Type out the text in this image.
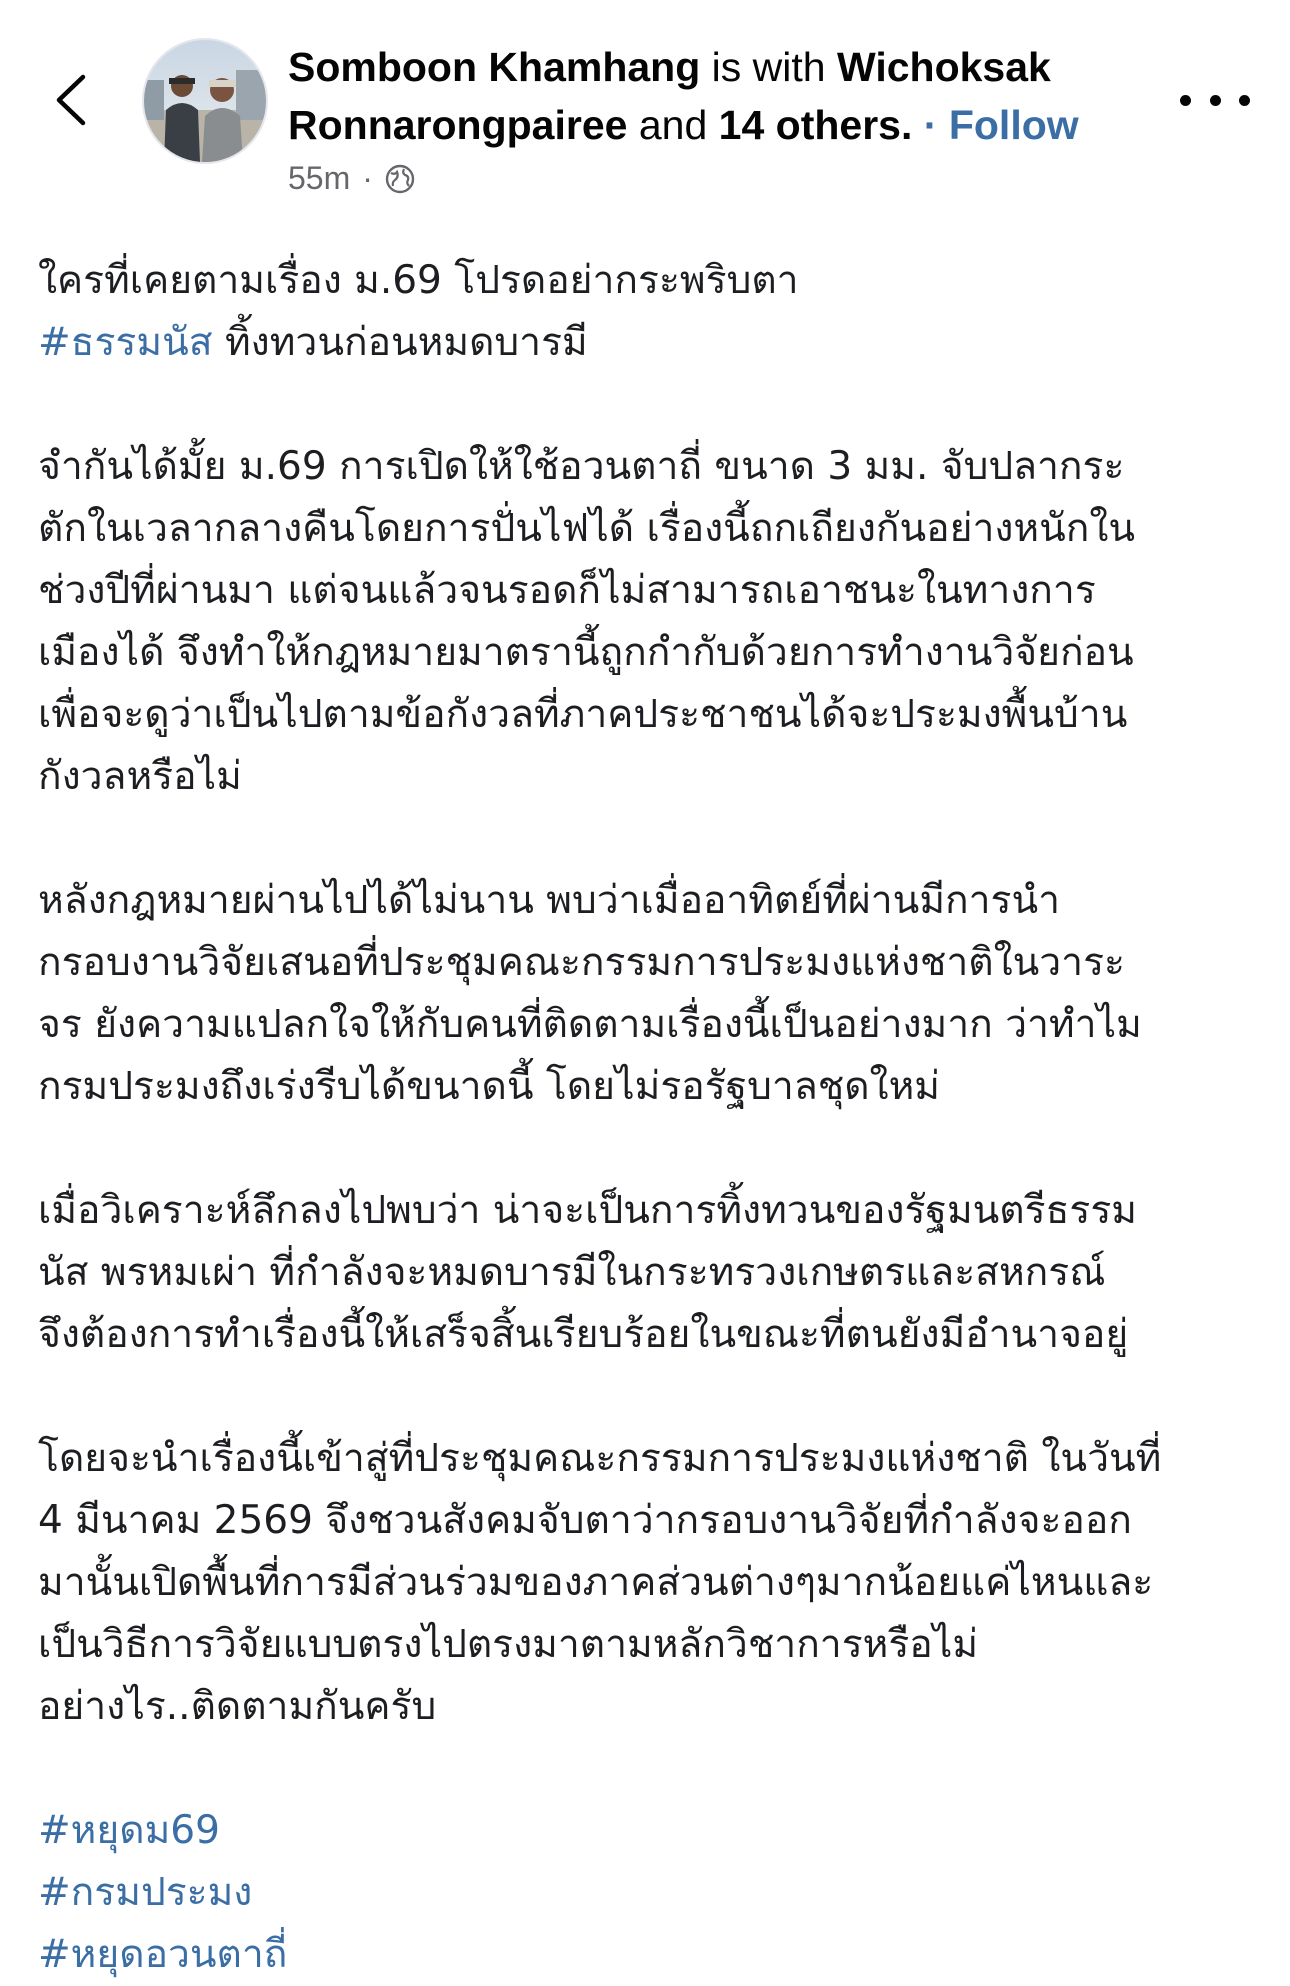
Somboon Khamhang is with Wichoksak
Ronnarongpairee and 14 others. · Follow
55m ·
ใครที่เคยตามเรื่อง ม.69 โปรดอย่ากระพริบตา
#ธรรมนัส ทิ้งทวนก่อนหมดบารมี
จำกันได้มั้ย ม.69 การเปิดให้ใช้อวนตาถี่ ขนาด 3 มม. จับปลากระ
ตักในเวลากลางคืนโดยการปั่นไฟได้ เรื่องนี้ถกเถียงกันอย่างหนักใน
ช่วงปีที่ผ่านมา แต่จนแล้วจนรอดก็ไม่สามารถเอาชนะในทางการ
เมืองได้ จึงทำให้กฎหมายมาตรานี้ถูกกำกับด้วยการทำงานวิจัยก่อน
เพื่อจะดูว่าเป็นไปตามข้อกังวลที่ภาคประชาชนได้จะประมงพื้นบ้าน
กังวลหรือไม่
หลังกฎหมายผ่านไปได้ไม่นาน พบว่าเมื่ออาทิตย์ที่ผ่านมีการนำ
กรอบงานวิจัยเสนอที่ประชุมคณะกรรมการประมงแห่งชาติในวาระ
จร ยังความแปลกใจให้กับคนที่ติดตามเรื่องนี้เป็นอย่างมาก ว่าทำไม
กรมประมงถึงเร่งรีบได้ขนาดนี้ โดยไม่รอรัฐบาลชุดใหม่
เมื่อวิเคราะห์ลึกลงไปพบว่า น่าจะเป็นการทิ้งทวนของรัฐมนตรีธรรม
นัส พรหมเผ่า ที่กำลังจะหมดบารมีในกระทรวงเกษตรและสหกรณ์
จึงต้องการทำเรื่องนี้ให้เสร็จสิ้นเรียบร้อยในขณะที่ตนยังมีอำนาจอยู่
โดยจะนำเรื่องนี้เข้าสู่ที่ประชุมคณะกรรมการประมงแห่งชาติ ในวันที่
4 มีนาคม 2569 จึงชวนสังคมจับตาว่ากรอบงานวิจัยที่กำลังจะออก
มานั้นเปิดพื้นที่การมีส่วนร่วมของภาคส่วนต่างๆมากน้อยแค่ไหนและ
เป็นวิธีการวิจัยแบบตรงไปตรงมาตามหลักวิชาการหรือไม่
อย่างไร..ติดตามกันครับ
#หยุดม69
#กรมประมง
#หยุดอวนตาถี่
